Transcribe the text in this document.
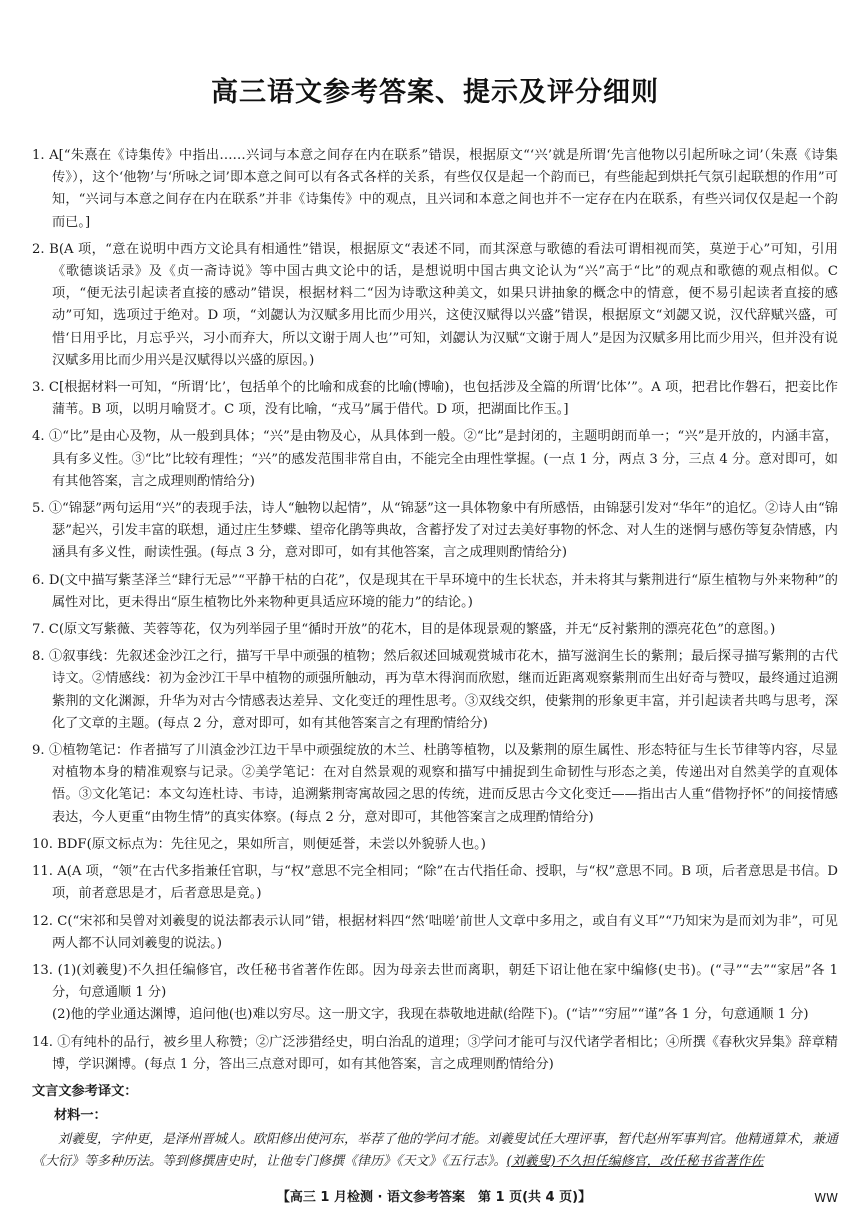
高三语文参考答案、提示及评分细则

1. A[“朱熹在《诗集传》中指出……兴词与本意之间存在内在联系”错误，根据原文“‘兴’就是所谓‘先言他物以引起所咏之词’（朱熹《诗集传》），这个‘他物’与‘所咏之词’即本意之间可以有各式各样的关系，有些仅仅是起一个韵而已，有些能起到烘托气氛引起联想的作用”可知，“兴词与本意之间存在内在联系”并非《诗集传》中的观点，且兴词和本意之间也并不一定存在内在联系，有些兴词仅仅是起一个韵而已。]

2. B(A 项，“意在说明中西方文论具有相通性”错误，根据原文“表述不同，而其深意与歌德的看法可谓相视而笑，莫逆于心”可知，引用《歌德谈话录》及《贞一斋诗说》等中国古典文论中的话，是想说明中国古典文论认为“兴”高于“比”的观点和歌德的观点相似。C 项，“便无法引起读者直接的感动”错误，根据材料二“因为诗歌这种美文，如果只讲抽象的概念中的情意，便不易引起读者直接的感动”可知，选项过于绝对。D 项，“刘勰认为汉赋多用比而少用兴，这使汉赋得以兴盛”错误，根据原文“刘勰又说，汉代辞赋兴盛，可惜‘日用乎比，月忘乎兴，习小而弃大，所以文谢于周人也’”可知，刘勰认为汉赋“文谢于周人”是因为汉赋多用比而少用兴，但并没有说汉赋多用比而少用兴是汉赋得以兴盛的原因。)

3. C[根据材料一可知，“所谓‘比’，包括单个的比喻和成套的比喻(博喻)，也包括涉及全篇的所谓‘比体’”。A 项，把君比作磐石，把妾比作蒲苇。B 项，以明月喻贤才。C 项，没有比喻，“戎马”属于借代。D 项，把湖面比作玉。]

4. ①“比”是由心及物，从一般到具体；“兴”是由物及心，从具体到一般。②“比”是封闭的，主题明朗而单一；“兴”是开放的，内涵丰富，具有多义性。③“比”比较有理性；“兴”的感发范围非常自由，不能完全由理性掌握。(一点 1 分，两点 3 分，三点 4 分。意对即可，如有其他答案，言之成理则酌情给分)

5. ①“锦瑟”两句运用“兴”的表现手法，诗人“触物以起情”，从“锦瑟”这一具体物象中有所感悟，由锦瑟引发对“华年”的追忆。②诗人由“锦瑟”起兴，引发丰富的联想，通过庄生梦蝶、望帝化鹃等典故，含蓄抒发了对过去美好事物的怀念、对人生的迷惘与感伤等复杂情感，内涵具有多义性，耐读性强。(每点 3 分，意对即可，如有其他答案，言之成理则酌情给分)

6. D(文中描写紫茎泽兰“肆行无忌”“平静干枯的白花”，仅是现其在干旱环境中的生长状态，并未将其与紫荆进行“原生植物与外来物种”的属性对比，更未得出“原生植物比外来物种更具适应环境的能力”的结论。)

7. C(原文写紫薇、芙蓉等花，仅为列举园子里“循时开放”的花木，目的是体现景观的繁盛，并无“反衬紫荆的漂亮花色”的意图。)

8. ①叙事线：先叙述金沙江之行，描写干旱中顽强的植物；然后叙述回城观赏城市花木，描写滋润生长的紫荆；最后探寻描写紫荆的古代诗文。②情感线：初为金沙江干旱中植物的顽强所触动，再为草木得润而欣慰，继而近距离观察紫荆而生出好奇与赞叹，最终通过追溯紫荆的文化渊源，升华为对古今情感表达差异、文化变迁的理性思考。③双线交织，使紫荆的形象更丰富，并引起读者共鸣与思考，深化了文章的主题。(每点 2 分，意对即可，如有其他答案言之有理酌情给分)

9. ①植物笔记：作者描写了川滇金沙江边干旱中顽强绽放的木兰、杜鹃等植物，以及紫荆的原生属性、形态特征与生长节律等内容，尽显对植物本身的精准观察与记录。②美学笔记：在对自然景观的观察和描写中捕捉到生命韧性与形态之美，传递出对自然美学的直观体悟。③文化笔记：本文勾连杜诗、韦诗，追溯紫荆寄寓故园之思的传统，进而反思古今文化变迁——指出古人重“借物抒怀”的间接情感表达，今人更重“由物生情”的真实体察。(每点 2 分，意对即可，其他答案言之成理酌情给分)

10. BDF(原文标点为：先往见之，果如所言，则便延誉，未尝以外貌骄人也。)

11. A(A 项，“领”在古代多指兼任官职，与“权”意思不完全相同；“除”在古代指任命、授职，与“权”意思不同。B 项，后者意思是书信。D 项，前者意思是才，后者意思是竟。)

12. C(“宋祁和吴曾对刘羲叟的说法都表示认同”错，根据材料四“然‘咄嗟’前世人文章中多用之，或自有义耳”“乃知宋为是而刘为非”，可见两人都不认同刘羲叟的说法。)

13. (1)(刘羲叟)不久担任编修官，改任秘书省著作佐郎。因为母亲去世而离职，朝廷下诏让他在家中编修(史书)。(“寻”“去”“家居”各 1 分，句意通顺 1 分)

(2)他的学业通达渊博，追问他(也)难以穷尽。这一册文字，我现在恭敬地进献(给陛下)。(“诘”“穷屈”“谨”各 1 分，句意通顺 1 分)

14. ①有纯朴的品行，被乡里人称赞；②广泛涉猎经史，明白治乱的道理；③学问才能可与汉代诸学者相比；④所撰《春秋灾异集》辞章精博，学识渊博。(每点 1 分，答出三点意对即可，如有其他答案，言之成理则酌情给分)

文言文参考译文：
材料一：

刘羲叟，字仲更，是泽州晋城人。欧阳修出使河东，举荐了他的学问才能。刘羲叟试任大理评事，暂代赵州军事判官。他精通算术，兼通《大衍》等多种历法。等到修撰唐史时，让他专门修撰《律历》《天文》《五行志》。(刘羲叟)不久担任编修官，改任秘书省著作佐

【高三 1 月检测 · 语文参考答案　第 1 页(共 4 页)】	WW
